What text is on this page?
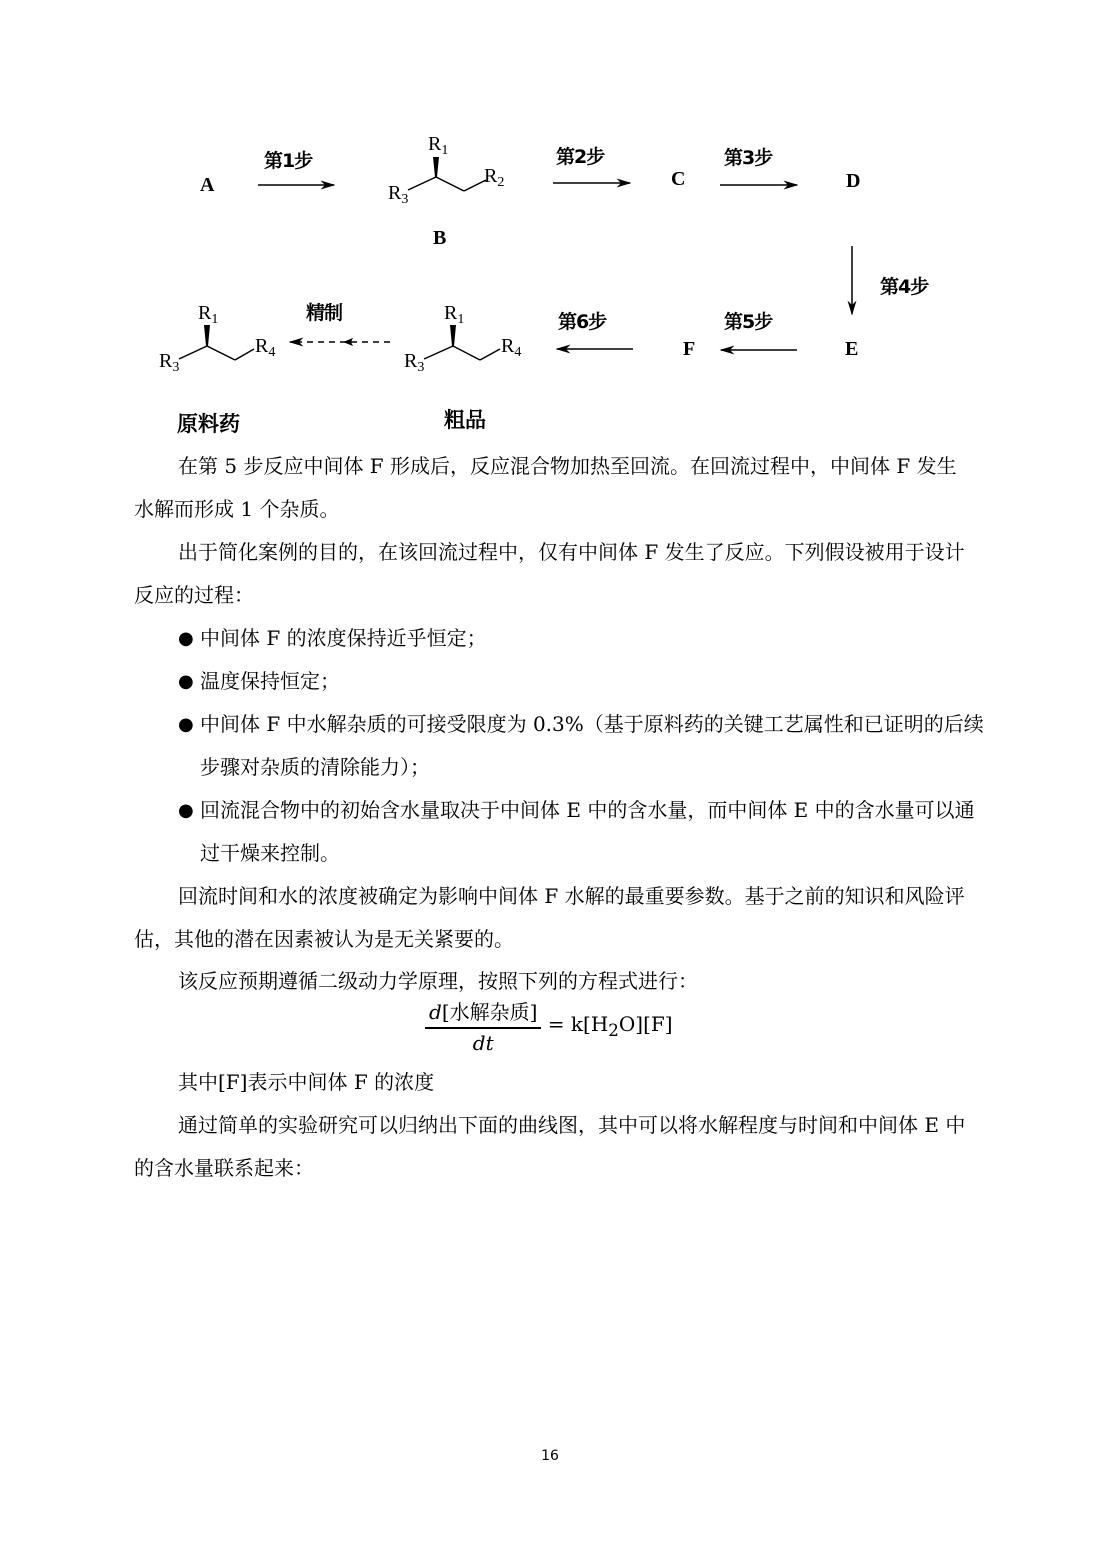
A
B
C	D
E
F
第1步	第2步	第3步
第4步
第5步
第6步
精制
$R_1$
$R_2$
$R_3$
$R_1$
$R_4$
$R_3$
$R_1$
$R_4$
$R_3$
原料药	粗品
在第 5 步反应中间体 F 形成后，反应混合物加热至回流。在回流过程中，中间体 F 发生水解而形成 1 个杂质。
出于简化案例的目的，在该回流过程中，仅有中间体 F 发生了反应。下列假设被用于设计反应的过程：
● 中间体 F 的浓度保持近乎恒定；
● 温度保持恒定；
● 中间体 F 中水解杂质的可接受限度为 0.3%（基于原料药的关键工艺属性和已证明的后续步骤对杂质的清除能力）；
● 回流混合物中的初始含水量取决于中间体 E 中的含水量，而中间体 E 中的含水量可以通过干燥来控制。
回流时间和水的浓度被确定为影响中间体 F 水解的最重要参数。基于之前的知识和风险评估，其他的潜在因素被认为是无关紧要的。
该反应预期遵循二级动力学原理，按照下列的方程式进行：
$\frac{\text{d[水解杂质]}}{dt} = k[H_2O][F]$
其中[F]表示中间体 F 的浓度
通过简单的实验研究可以归纳出下面的曲线图，其中可以将水解程度与时间和中间体 E 中的含水量联系起来：
16
